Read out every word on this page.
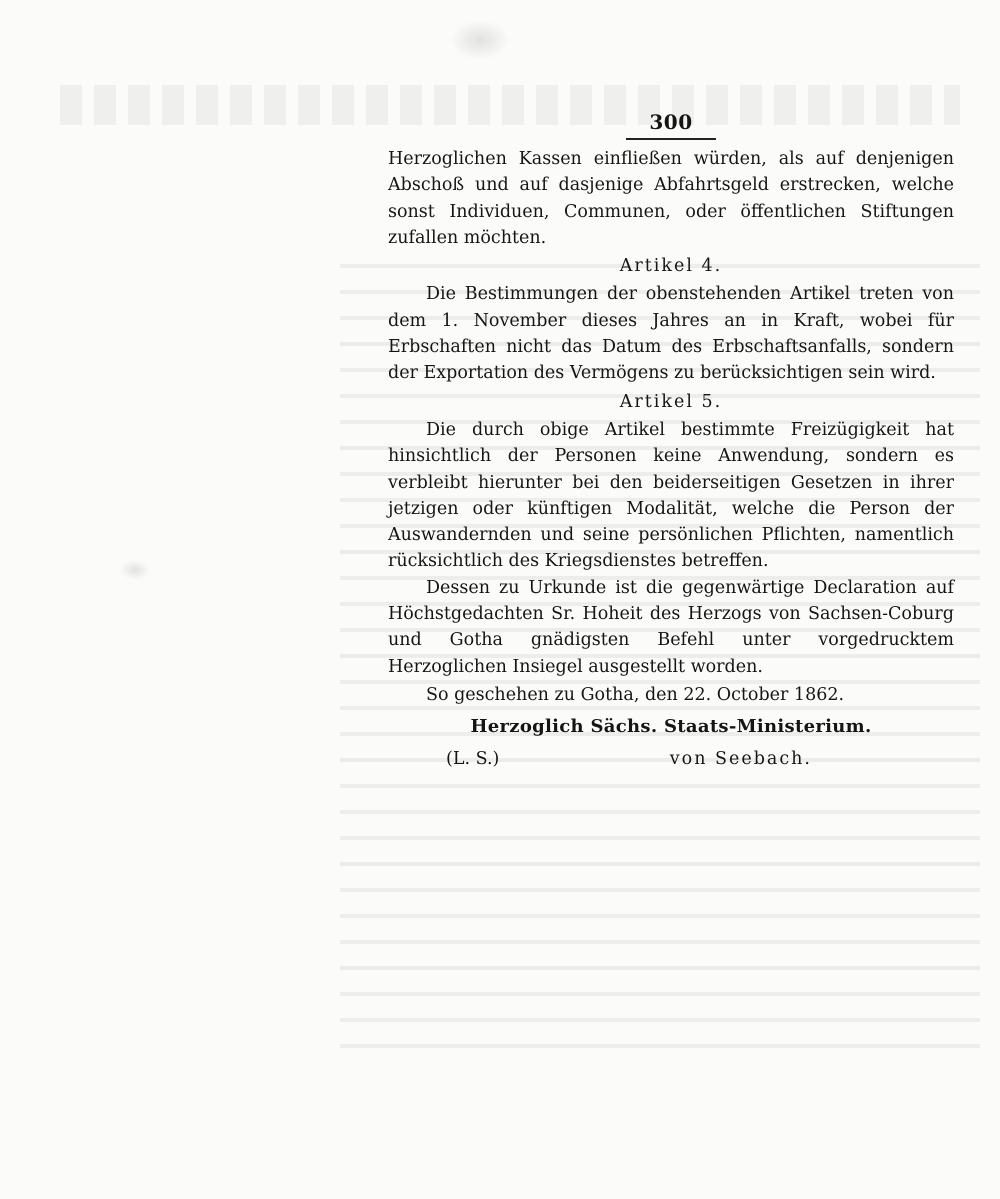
300

Herzoglichen Kassen einfließen würden, als auf denjenigen Abschoß und auf dasjenige Abfahrtsgeld erstrecken, welche sonst Individuen, Communen, oder öffentlichen Stiftungen zufallen möchten.

Artikel 4.

Die Bestimmungen der obenstehenden Artikel treten von dem 1. November dieses Jahres an in Kraft, wobei für Erbschaften nicht das Datum des Erbschaftsanfalls, sondern der Exportation des Vermögens zu berücksichtigen sein wird.

Artikel 5.

Die durch obige Artikel bestimmte Freizügigkeit hat hinsichtlich der Personen keine Anwendung, sondern es verbleibt hierunter bei den beiderseitigen Gesetzen in ihrer jetzigen oder künftigen Modalität, welche die Person der Auswandernden und seine persönlichen Pflichten, namentlich rücksichtlich des Kriegsdienstes betreffen.

Dessen zu Urkunde ist die gegenwärtige Declaration auf Höchstgedachten Sr. Hoheit des Herzogs von Sachsen-Coburg und Gotha gnädigsten Befehl unter vorgedrucktem Herzoglichen Insiegel ausgestellt worden.

So geschehen zu Gotha, den 22. October 1862.

Herzoglich Sächs. Staats-Ministerium.
(L. S.)	von Seebach.
